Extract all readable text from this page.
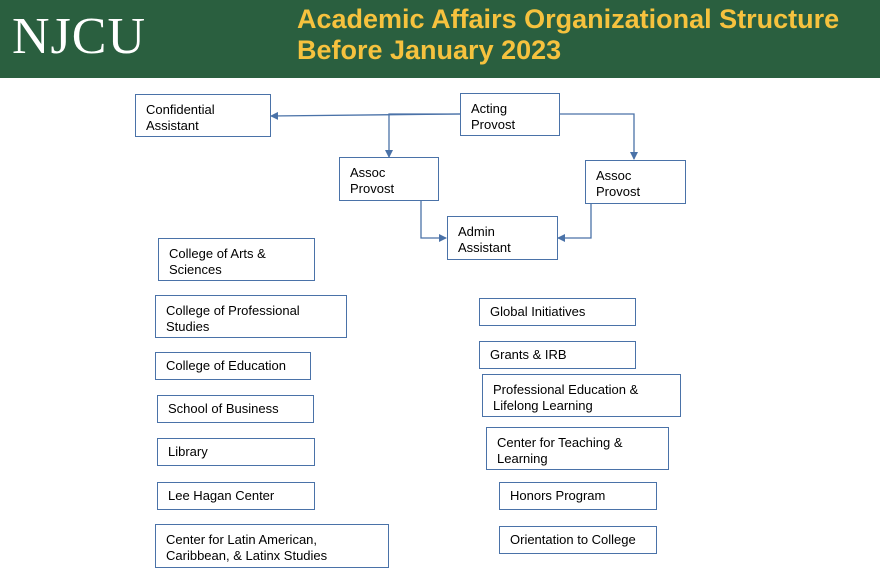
NJCU	Academic Affairs Organizational Structure
Before January 2023
Acting
Provost
Confidential
Assistant
Assoc
Provost
Assoc
Provost
Admin
Assistant
College of Arts &
Sciences
College of Professional
Studies
College of Education
School of Business
Library
Lee Hagan Center
Center for Latin American,
Caribbean, & Latinx Studies
Global Initiatives
Grants & IRB
Professional Education &
Lifelong Learning
Center for Teaching &
Learning
Honors Program
Orientation to College
